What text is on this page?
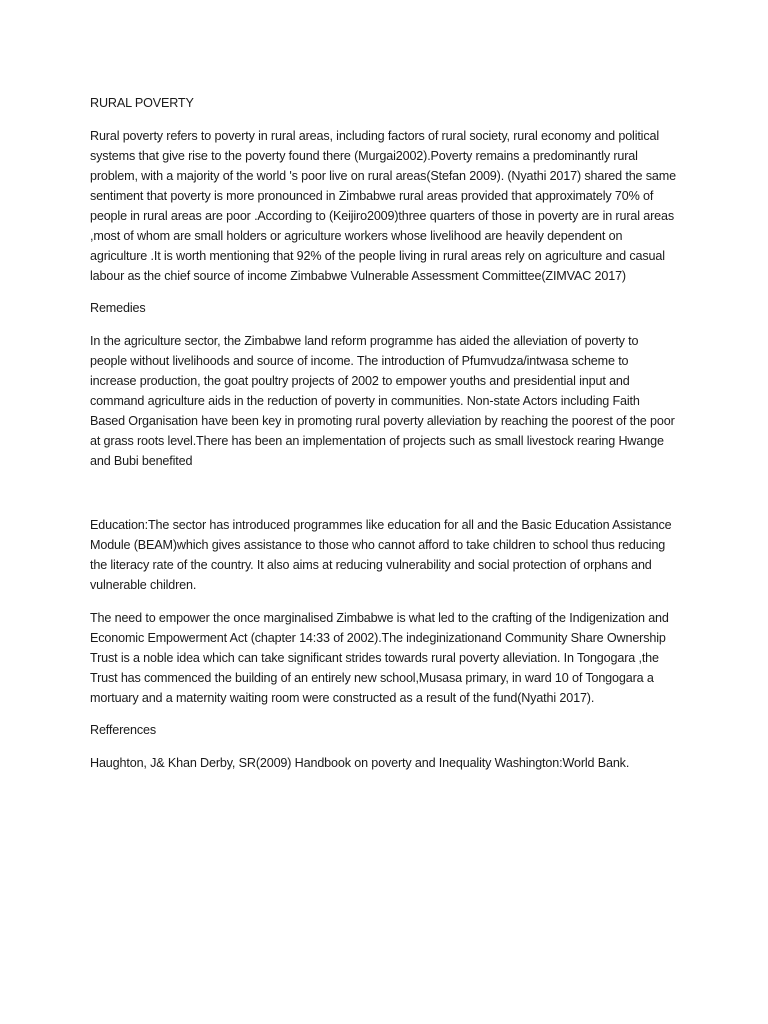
RURAL POVERTY

Rural poverty refers to poverty in rural areas, including factors of rural society, rural economy and political systems that give rise to the poverty found there (Murgai2002).Poverty remains a predominantly rural problem, with a majority of the world 's poor live on rural areas(Stefan 2009). (Nyathi 2017) shared the same sentiment that poverty is more pronounced in Zimbabwe rural areas provided that approximately 70% of people in rural areas are poor .According to (Keijiro2009)three quarters of those in poverty are in rural areas ,most of whom are small holders or agriculture workers whose livelihood are heavily dependent on agriculture .It is worth mentioning that 92% of the people living in rural areas rely on agriculture and casual labour as the chief source of income Zimbabwe Vulnerable Assessment Committee(ZIMVAC 2017)

Remedies

In the agriculture sector, the Zimbabwe land reform programme has aided the alleviation of poverty to people without livelihoods and source of income. The introduction of Pfumvudza/intwasa scheme to increase production, the goat poultry projects of 2002 to empower youths and presidential input and command agriculture aids in the reduction of poverty in communities. Non-state Actors including Faith Based Organisation have been key in promoting rural poverty alleviation by reaching the poorest of the poor at grass roots level.There has been an implementation of projects such as small livestock rearing Hwange and Bubi benefited

Education:The sector has introduced programmes like education for all and the Basic Education Assistance Module (BEAM)which gives assistance to those who cannot afford to take children to school thus reducing the literacy rate of the country. It also aims at reducing vulnerability and social protection of orphans and vulnerable children.

The need to empower the once marginalised Zimbabwe is what led to the crafting of the Indigenization and Economic Empowerment Act (chapter 14:33 of 2002).The indeginizationand Community Share Ownership Trust is a noble idea which can take significant strides towards rural poverty alleviation. In Tongogara ,the Trust has commenced the building of an entirely new school,Musasa primary, in ward 10 of Tongogara a mortuary and a maternity waiting room were constructed as a result of the fund(Nyathi 2017).

Refferences

Haughton, J& Khan Derby, SR(2009) Handbook on poverty and Inequality Washington:World Bank.
